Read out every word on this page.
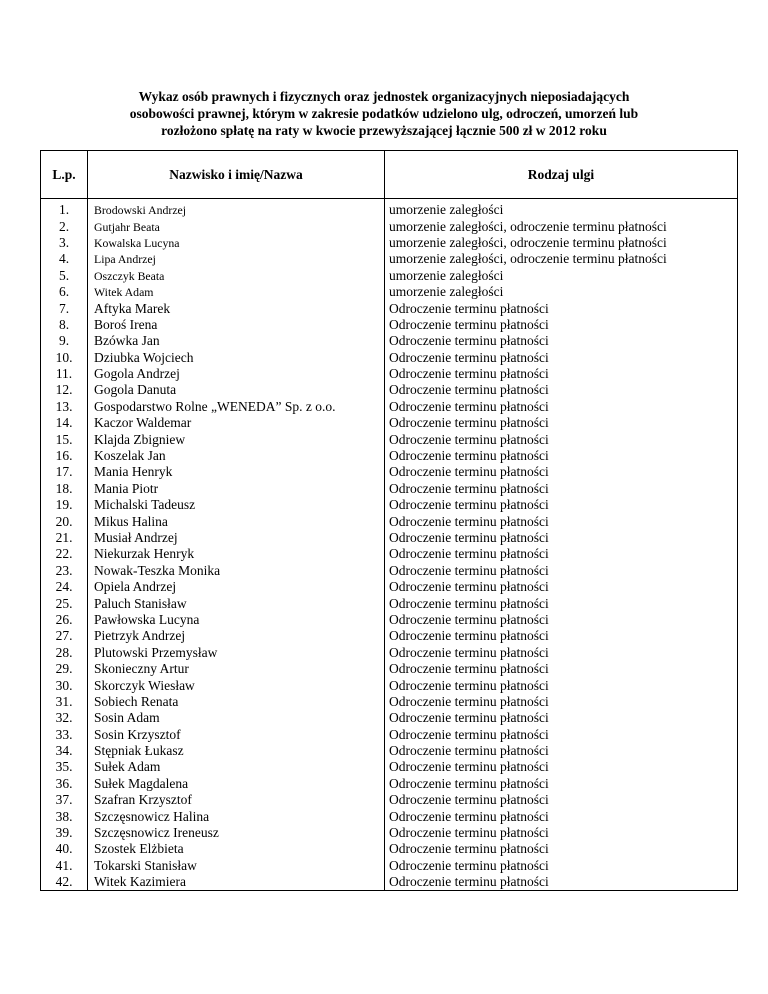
Wykaz osób prawnych i fizycznych oraz jednostek organizacyjnych nieposiadających
osobowości prawnej, którym w zakresie podatków udzielono ulg, odroczeń, umorzeń lub
rozłożono spłatę na raty w kwocie przewyższającej łącznie 500 zł w 2012 roku
L.p.	Nazwisko i imię/Nazwa	Rodzaj ulgi
1.	Brodowski Andrzej	umorzenie zaległości
2.	Gutjahr Beata	umorzenie zaległości, odroczenie terminu płatności
3.	Kowalska Lucyna	umorzenie zaległości, odroczenie terminu płatności
4.	Lipa Andrzej	umorzenie zaległości, odroczenie terminu płatności
5.	Oszczyk Beata	umorzenie zaległości
6.	Witek Adam	umorzenie zaległości
7.	Aftyka Marek	Odroczenie terminu płatności
8.	Boroś Irena	Odroczenie terminu płatności
9.	Bzówka Jan	Odroczenie terminu płatności
10.	Dziubka Wojciech	Odroczenie terminu płatności
11.	Gogola Andrzej	Odroczenie terminu płatności
12.	Gogola Danuta	Odroczenie terminu płatności
13.	Gospodarstwo Rolne „WENEDA” Sp. z o.o.	Odroczenie terminu płatności
14.	Kaczor Waldemar	Odroczenie terminu płatności
15.	Klajda Zbigniew	Odroczenie terminu płatności
16.	Koszelak Jan	Odroczenie terminu płatności
17.	Mania Henryk	Odroczenie terminu płatności
18.	Mania Piotr	Odroczenie terminu płatności
19.	Michalski Tadeusz	Odroczenie terminu płatności
20.	Mikus Halina	Odroczenie terminu płatności
21.	Musiał Andrzej	Odroczenie terminu płatności
22.	Niekurzak Henryk	Odroczenie terminu płatności
23.	Nowak-Teszka Monika	Odroczenie terminu płatności
24.	Opiela Andrzej	Odroczenie terminu płatności
25.	Paluch Stanisław	Odroczenie terminu płatności
26.	Pawłowska Lucyna	Odroczenie terminu płatności
27.	Pietrzyk Andrzej	Odroczenie terminu płatności
28.	Plutowski Przemysław	Odroczenie terminu płatności
29.	Skonieczny Artur	Odroczenie terminu płatności
30.	Skorczyk Wiesław	Odroczenie terminu płatności
31.	Sobiech Renata	Odroczenie terminu płatności
32.	Sosin Adam	Odroczenie terminu płatności
33.	Sosin Krzysztof	Odroczenie terminu płatności
34.	Stępniak Łukasz	Odroczenie terminu płatności
35.	Sułek Adam	Odroczenie terminu płatności
36.	Sułek Magdalena	Odroczenie terminu płatności
37.	Szafran Krzysztof	Odroczenie terminu płatności
38.	Szczęsnowicz Halina	Odroczenie terminu płatności
39.	Szczęsnowicz Ireneusz	Odroczenie terminu płatności
40.	Szostek Elżbieta	Odroczenie terminu płatności
41.	Tokarski Stanisław	Odroczenie terminu płatności
42.	Witek Kazimiera	Odroczenie terminu płatności
